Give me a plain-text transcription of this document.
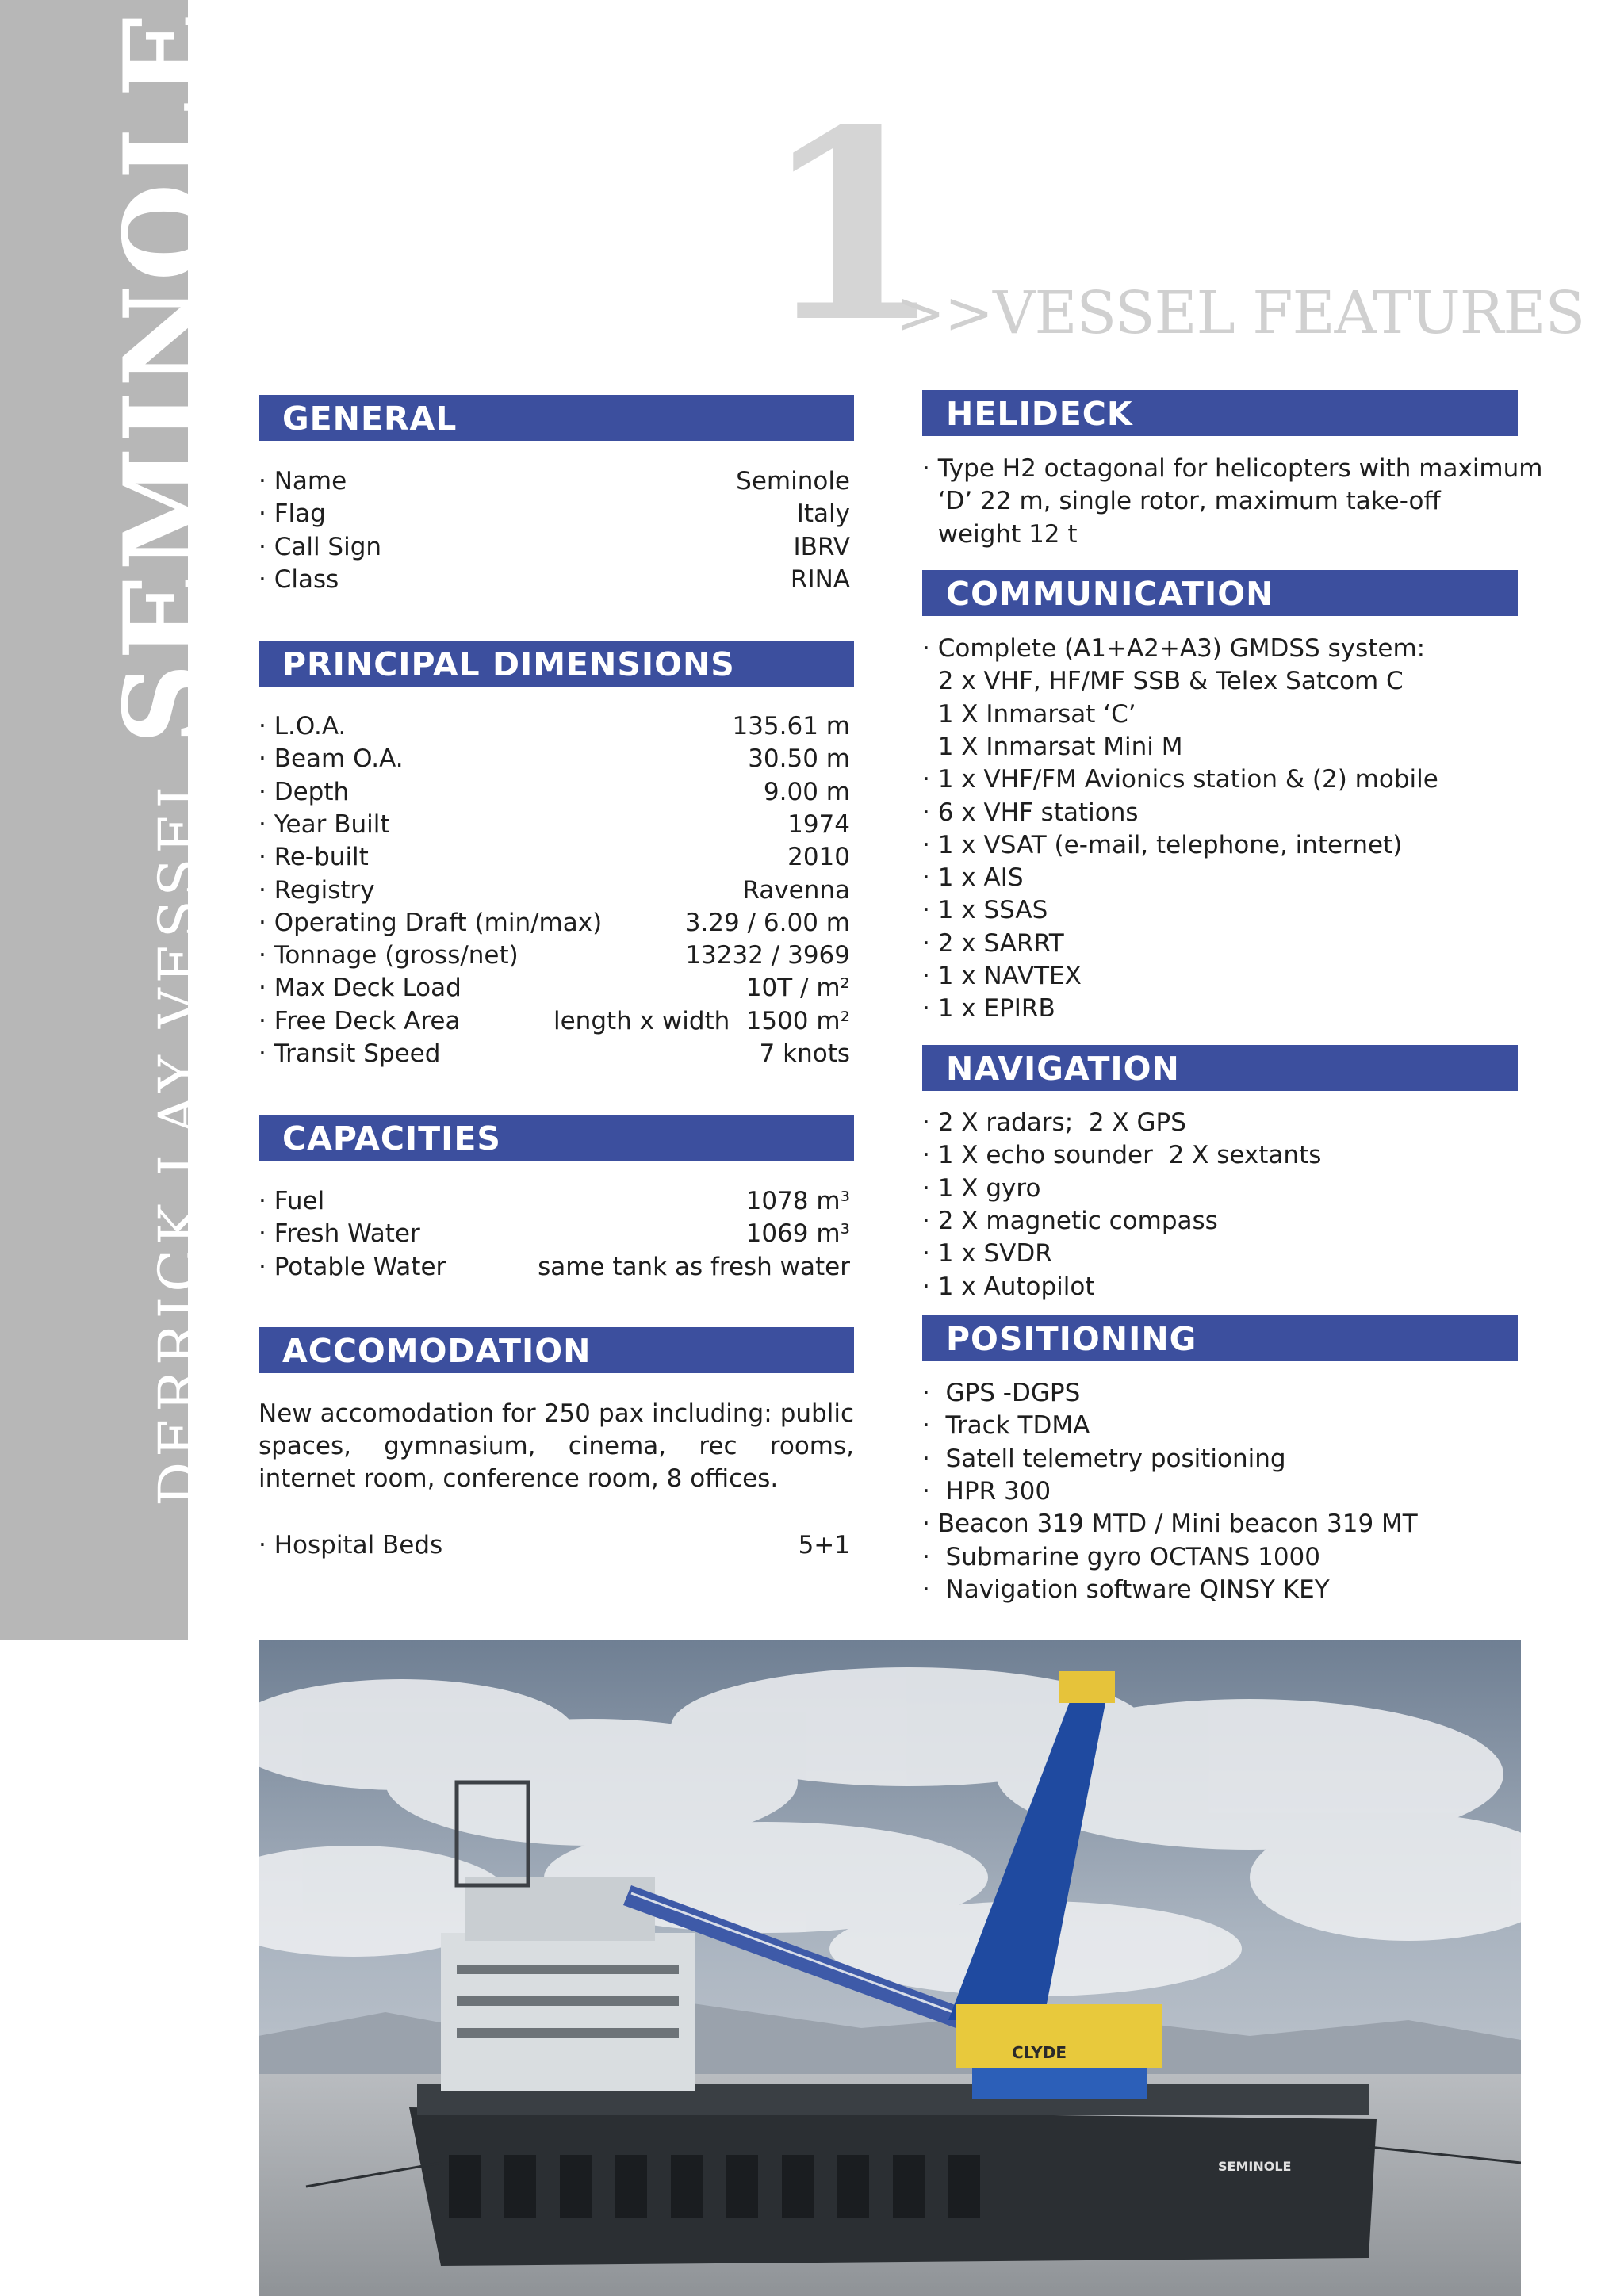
DERRICK LAY VESSELSEMINOLE 1
>>VESSEL FEATURES
GENERAL
· Name	Seminole
· Flag	Italy
· Call Sign	IBRV
· Class	RINA
PRINCIPAL DIMENSIONS
· L.O.A.	135.61 m
· Beam O.A.	30.50 m
· Depth	9.00 m
· Year Built	1974
· Re-built	2010
· Registry	Ravenna
· Operating Draft (min/max)	3.29 / 6.00 m
· Tonnage (gross/net)	13232 / 3969
· Max Deck Load	10T / m²
· Free Deck Area	length x width 1500 m²
· Transit Speed	7 knots
CAPACITIES
· Fuel	1078 m³
· Fresh Water	1069 m³
· Potable Water	same tank as fresh water
ACCOMODATION
New accomodation for 250 pax including: public spaces, gymnasium, cinema, rec rooms, internet room, conference room, 8 offices.
· Hospital Beds	5+1
HELIDECK
· Type H2 octagonal for helicopters with maximum
‘D’ 22 m, single rotor, maximum take-off
weight 12 t
COMMUNICATION
· Complete (A1+A2+A3) GMDSS system:
2 x VHF, HF/MF SSB & Telex Satcom C
1 X Inmarsat ‘C’
1 X Inmarsat Mini M
· 1 x VHF/FM Avionics station & (2) mobile
· 6 x VHF stations
· 1 x VSAT (e-mail, telephone, internet)
· 1 x AIS
· 1 x SSAS
· 2 x SARRT
· 1 x NAVTEX
· 1 x EPIRB
NAVIGATION
· 2 X radars;  2 X GPS
· 1 X echo sounder  2 X sextants
· 1 X gyro
· 2 X magnetic compass
· 1 x SVDR
· 1 x Autopilot
POSITIONING
·  GPS -DGPS
·  Track TDMA
·  Satell telemetry positioning
·  HPR 300
· Beacon 319 MTD / Mini beacon 319 MT
·  Submarine gyro OCTANS 1000
·  Navigation software QINSY KEY
SEMINOLE
CLYDE
